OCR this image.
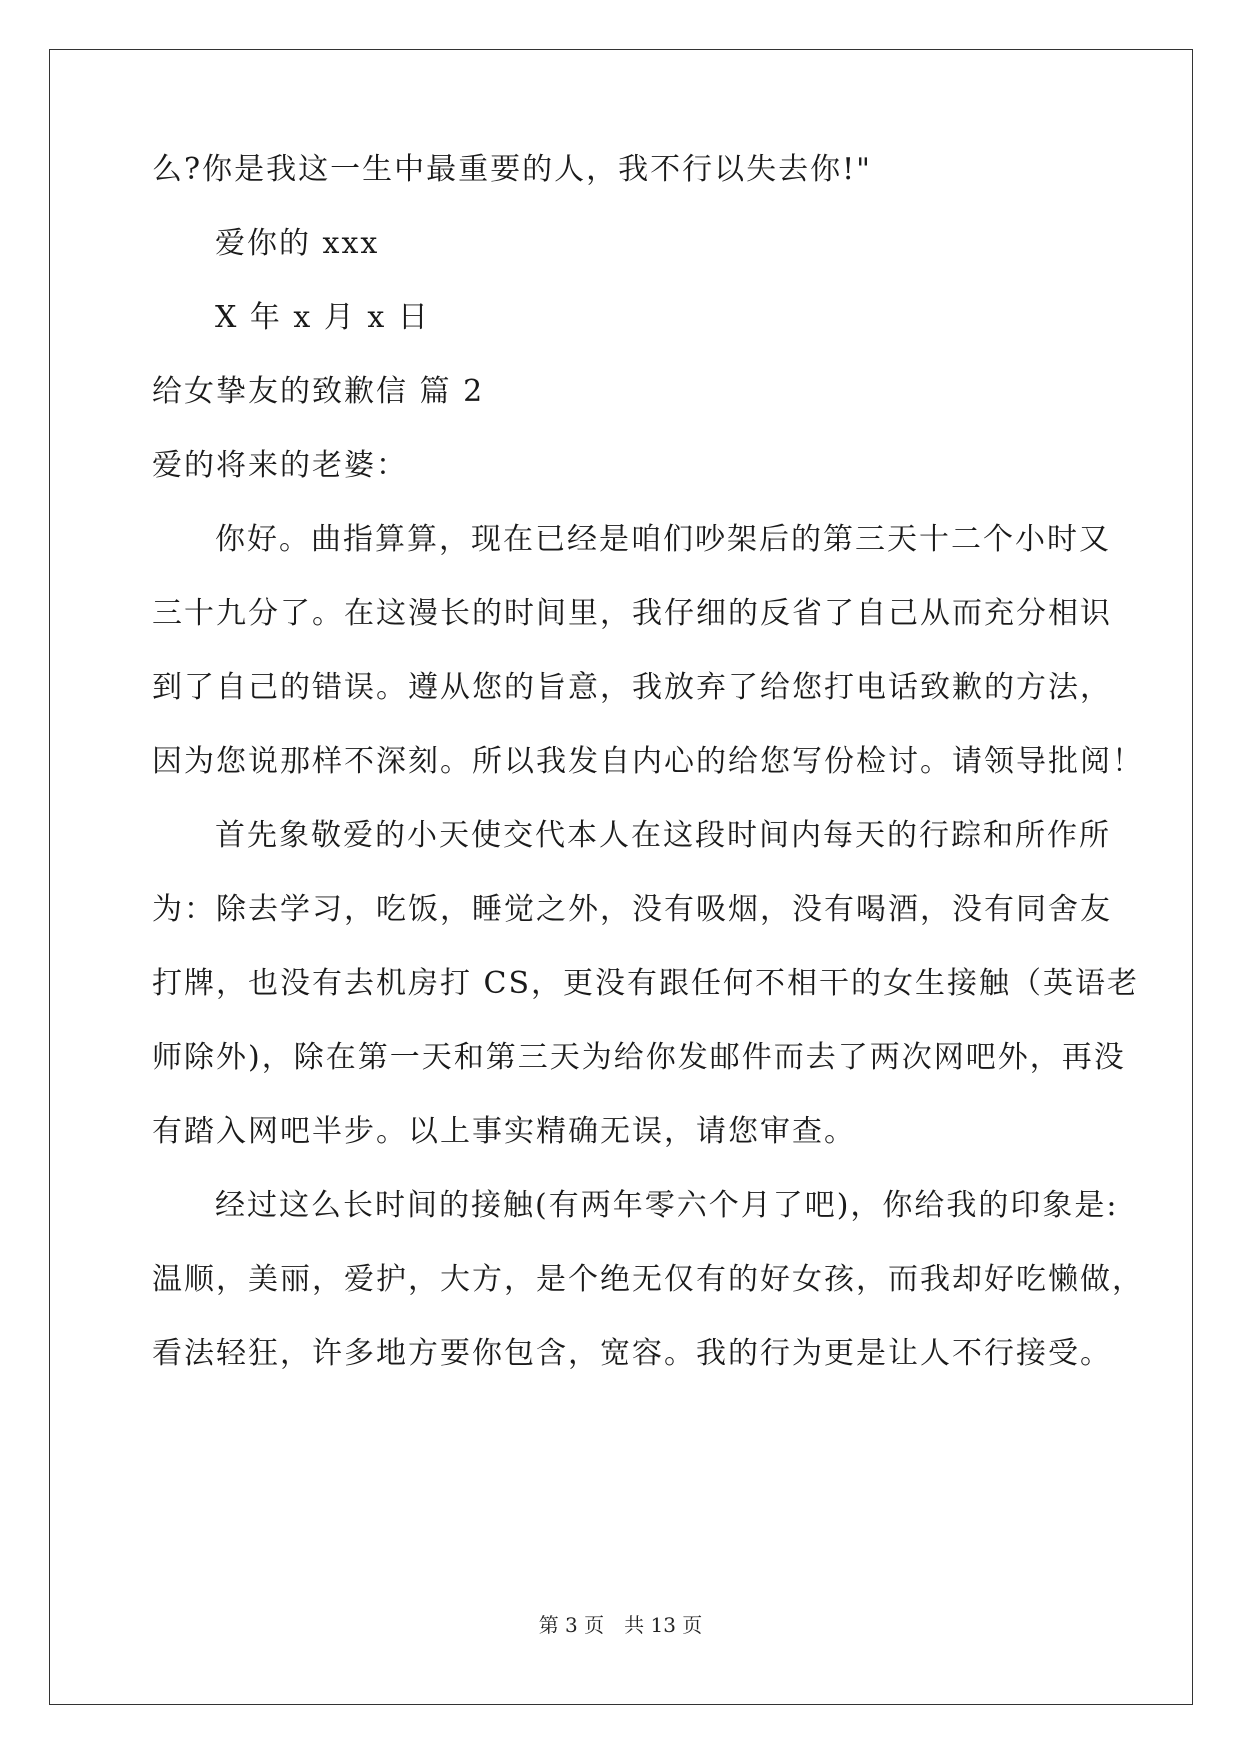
么?你是我这一生中最重要的人，我不行以失去你!"
爱你的 xxx
X 年 x 月 x 日
给女挚友的致歉信 篇 2
爱的将来的老婆：
你好。曲指算算，现在已经是咱们吵架后的第三天十二个小时又
三十九分了。在这漫长的时间里，我仔细的反省了自己从而充分相识
到了自己的错误。遵从您的旨意，我放弃了给您打电话致歉的方法，
因为您说那样不深刻。所以我发自内心的给您写份检讨。请领导批阅！
首先象敬爱的小天使交代本人在这段时间内每天的行踪和所作所
为：除去学习，吃饭，睡觉之外，没有吸烟，没有喝酒，没有同舍友
打牌，也没有去机房打 CS，更没有跟任何不相干的女生接触（英语老
师除外)，除在第一天和第三天为给你发邮件而去了两次网吧外，再没
有踏入网吧半步。以上事实精确无误，请您审查。
经过这么长时间的接触(有两年零六个月了吧)，你给我的印象是:
温顺，美丽，爱护，大方，是个绝无仅有的好女孩，而我却好吃懒做，
看法轻狂，许多地方要你包含，宽容。我的行为更是让人不行接受。
第 3 页　共 13 页
